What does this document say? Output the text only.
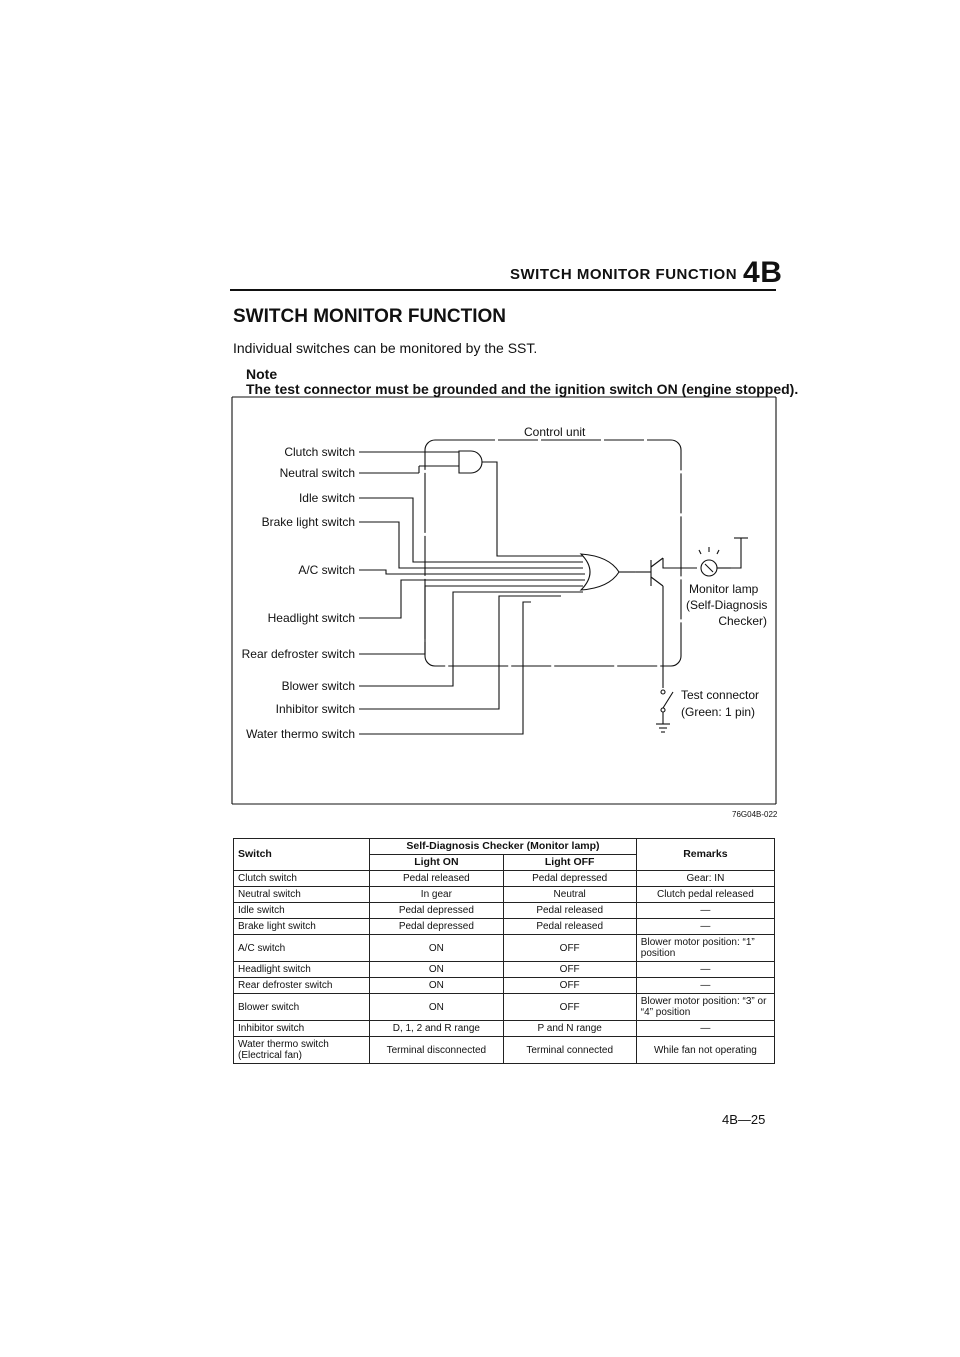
SWITCH MONITOR FUNCTION 4B
SWITCH MONITOR FUNCTION
Individual switches can be monitored by the SST.
Note
The test connector must be grounded and the ignition switch ON (engine stopped).
Control unit
Clutch switch
Neutral switch
Idle switch
Brake light switch
A/C switch
Headlight switch
Rear defroster switch
Blower switch
Inhibitor switch
Water thermo switch
Monitor lamp
(Self-Diagnosis
Checker)
Test connector
(Green: 1 pin)
76G04B-022
Switch	Self-Diagnosis Checker (Monitor lamp)		Remarks
	Light ON	Light OFF	
Clutch switch	Pedal released	Pedal depressed	Gear: IN
Neutral switch	In gear	Neutral	Clutch pedal released
Idle switch	Pedal depressed	Pedal released	—
Brake light switch	Pedal depressed	Pedal released	—
A/C switch	ON	OFF	Blower motor position: “1” position
Headlight switch	ON	OFF	—
Rear defroster switch	ON	OFF	—
Blower switch	ON	OFF	Blower motor position: “3” or “4” position
Inhibitor switch	D, 1, 2 and R range	P and N range	—
Water thermo switch (Electrical fan)	Terminal disconnected	Terminal connected	While fan not operating
4B—25
